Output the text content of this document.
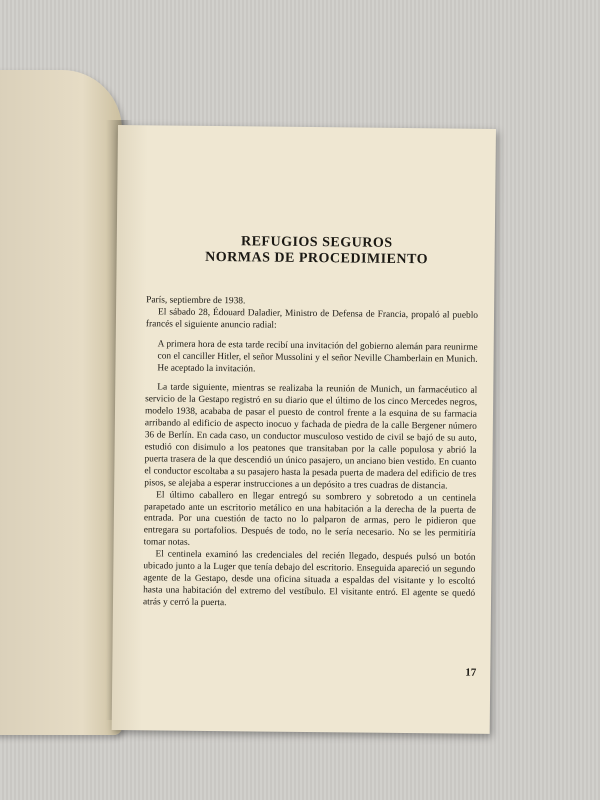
REFUGIOS SEGUROS
NORMAS DE PROCEDIMIENTO

París, septiembre de 1938.

El sábado 28, Édouard Daladier, Ministro de Defensa de Francia, propaló al pueblo francés el siguiente anuncio radial:

A primera hora de esta tarde recibí una invitación del gobierno alemán para reunirme con el canciller Hitler, el señor Mussolini y el señor Neville Chamberlain en Munich. He aceptado la invitación.

La tarde siguiente, mientras se realizaba la reunión de Munich, un farmacéutico al servicio de la Gestapo registró en su diario que el último de los cinco Mercedes negros, modelo 1938, acababa de pasar el puesto de control frente a la esquina de su farmacia arribando al edificio de aspecto inocuo y fachada de piedra de la calle Bergener número 36 de Berlín. En cada caso, un conductor musculoso vestido de civil se bajó de su auto, estudió con disimulo a los peatones que transitaban por la calle populosa y abrió la puerta trasera de la que descendió un único pasajero, un anciano bien vestido. En cuanto el conductor escoltaba a su pasajero hasta la pesada puerta de madera del edificio de tres pisos, se alejaba a esperar instrucciones a un depósito a tres cuadras de distancia.

El último caballero en llegar entregó su sombrero y sobretodo a un centinela parapetado ante un escritorio metálico en una habitación a la derecha de la puerta de entrada. Por una cuestión de tacto no lo palparon de armas, pero le pidieron que entregara su portafolios. Después de todo, no le sería necesario. No se les permitiría tomar notas.

El centinela examinó las credenciales del recién llegado, después pulsó un botón ubicado junto a la Luger que tenía debajo del escritorio. Enseguida apareció un segundo agente de la Gestapo, desde una oficina situada a espaldas del visitante y lo escoltó hasta una habitación del extremo del vestíbulo. El visitante entró. El agente se quedó atrás y cerró la puerta.

17
